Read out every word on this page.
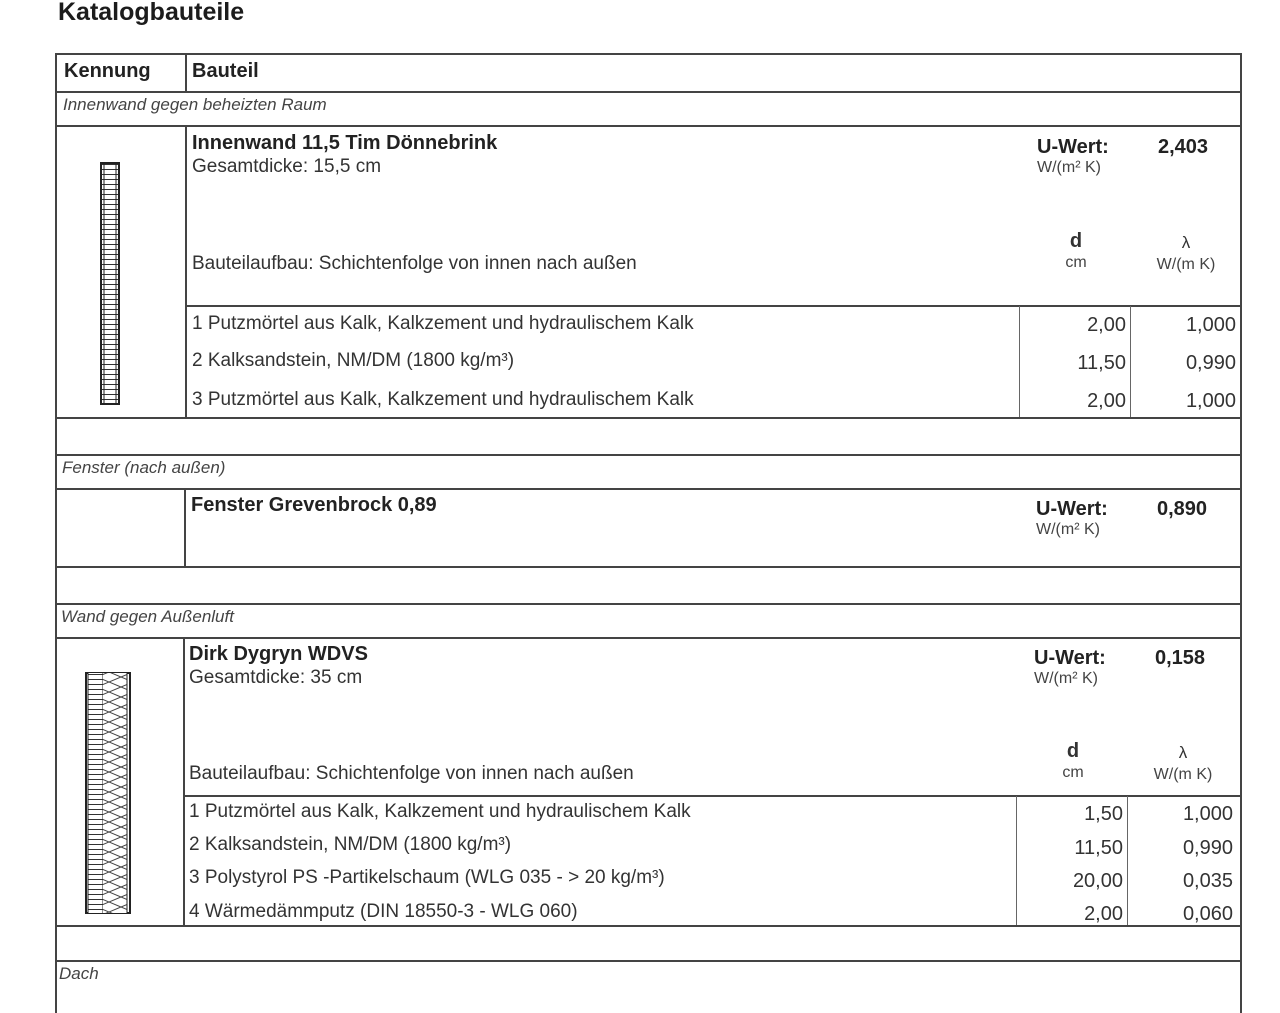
Katalogbauteile
Kennung Bauteil
Innenwand gegen beheizten Raum
Innenwand 11,5 Tim Dönnebrink
Gesamtdicke: 15,5 cm
U-Wert:
W/(m² K)
2,403
d
cm
λ
W/(m K)
Bauteilaufbau: Schichtenfolge von innen nach außen
1 Putzmörtel aus Kalk, Kalkzement und hydraulischem Kalk	2,00	1,000
2 Kalksandstein, NM/DM (1800 kg/m³)	11,50	0,990
3 Putzmörtel aus Kalk, Kalkzement und hydraulischem Kalk	2,00	1,000
Fenster (nach außen)
Fenster Grevenbrock 0,89	U-Wert:
W/(m² K)
0,890
Wand gegen Außenluft
Dirk Dygryn WDVS
Gesamtdicke: 35 cm
U-Wert:
W/(m² K)
0,158
d
cm
λ
W/(m K)
Bauteilaufbau: Schichtenfolge von innen nach außen
1 Putzmörtel aus Kalk, Kalkzement und hydraulischem Kalk	1,50	1,000
2 Kalksandstein, NM/DM (1800 kg/m³)	11,50	0,990
3 Polystyrol PS -Partikelschaum (WLG 035 - > 20 kg/m³)	20,00	0,035
4 Wärmedämmputz (DIN 18550-3 - WLG 060)	2,00	0,060
Dach
